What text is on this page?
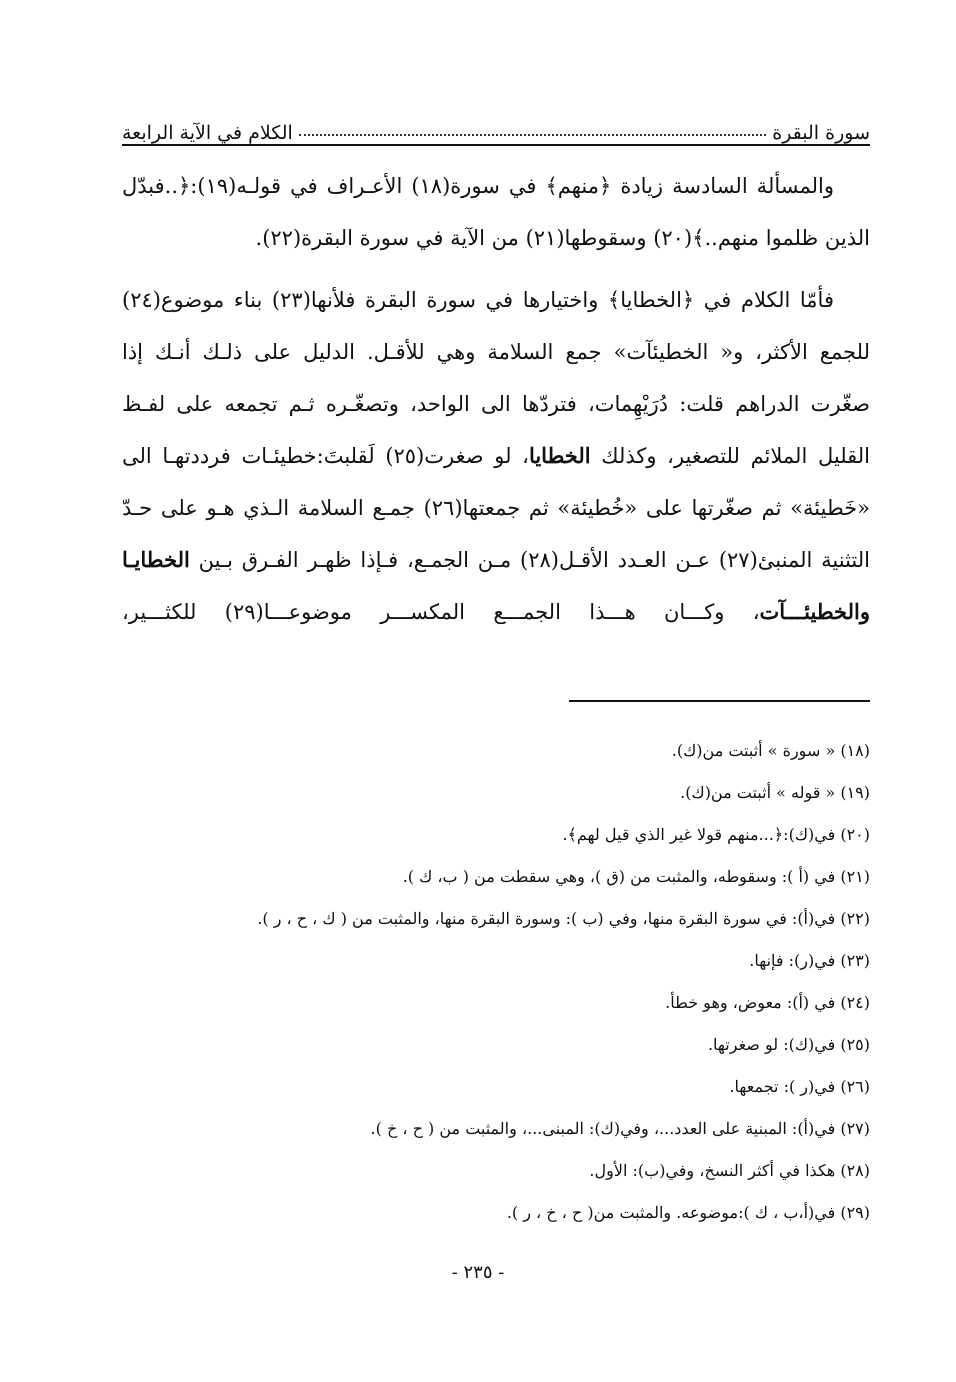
سورة البقرة
الكلام في الآية الرابعة

والمسألة السادسة زيادة ﴿منهم﴾ في سورة(١٨) الأعـراف في قولـه(١٩):﴿..فبدّل الذين ظلموا منهم..﴾(٢٠) وسقوطها(٢١) من الآية في سورة البقرة(٢٢).

فأمّا الكلام في ﴿الخطايا﴾ واختيارها في سورة البقرة فلأنها(٢٣) بناء موضوع(٢٤) للجمع الأكثر، و« الخطيئآت» جمع السلامة وهي للأقـل. الدليل على ذلـك أنـك إذا صغّرت الدراهم قلت: دُرَيْهِمات، فتردّها الى الواحد، وتصغّـره ثـم تجمعه على لفـظ القليل الملائم للتصغير، وكذلك الخطايا، لو صغرت(٢٥) لَقلبتَ:خطيئـات فرددتهـا الى «خَطيئة» ثم صغّرتها على «خُطيئة» ثم جمعتها(٢٦) جمـع السلامة الـذي هـو على حـدّ التثنية المنبئ(٢٧) عـن العـدد الأقـل(٢٨) مـن الجمـع، فـإذا ظهـر الفـرق بـين الخطايـا والخطيئـــآت، وكـــان هـــذا الجمـــع المكســـر موضوعـــا(٢٩) للكثـــير،

(١٨) « سورة » أثبتت من(ك).
(١٩) « قوله » أثبتت من(ك).
(٢٠) في(ك):﴿...منهم قولا غير الذي قيل لهم﴾.
(٢١) في (أ ): وسقوطه، والمثبت من (ق )، وهي سقطت من ( ب، ك ).
(٢٢) في(أ): في سورة البقرة منها، وفي (ب ): وسورة البقرة منها، والمثبت من ( ك ، ح ، ر ).
(٢٣) في(ر): فإنها.
(٢٤) في (أ): معوض، وهو خطأ.
(٢٥) في(ك): لو صغرتها.
(٢٦) في(ر ): تجمعها.
(٢٧) في(أ): المبنية على العدد...، وفي(ك): المبنى...، والمثبت من ( ح ، خ ).
(٢٨) هكذا في أكثر النسخ، وفي(ب): الأول.
(٢٩) في(أ،ب ، ك ):موضوعه. والمثبت من( ح ، خ ، ر ).
- ٢٣٥ -
